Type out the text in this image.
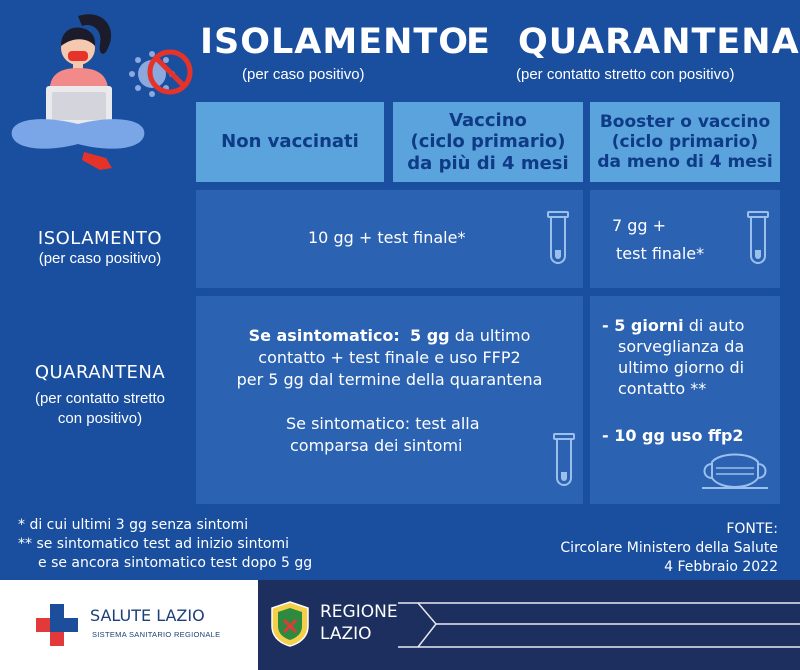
ISOLAMENTO
E QUARANTENA
(per caso positivo)	(per contatto stretto con positivo)
Non vaccinati
Vaccino
(ciclo primario)
da più di 4 mesi
Booster o vaccino
(ciclo primario)
da meno di 4 mesi
ISOLAMENTO
(per caso positivo)
QUARANTENA
(per contatto stretto
con positivo)
10 gg + test finale*
7 gg +
test finale*
Se asintomatico: 5 gg da ultimo
contatto + test finale e uso FFP2
per 5 gg dal termine della quarantena
Se sintomatico: test alla
comparsa dei sintomi
- 5 giorni di auto
sorveglianza da
ultimo giorno di
contatto **
- 10 gg uso ffp2
* di cui ultimi 3 gg senza sintomi
** se sintomatico test ad inizio sintomi
e se ancora sintomatico test dopo 5 gg
FONTE:
Circolare Ministero della Salute
4 Febbraio 2022
SALUTE LAZIO
SISTEMA SANITARIO REGIONALE
REGIONE
LAZIO
